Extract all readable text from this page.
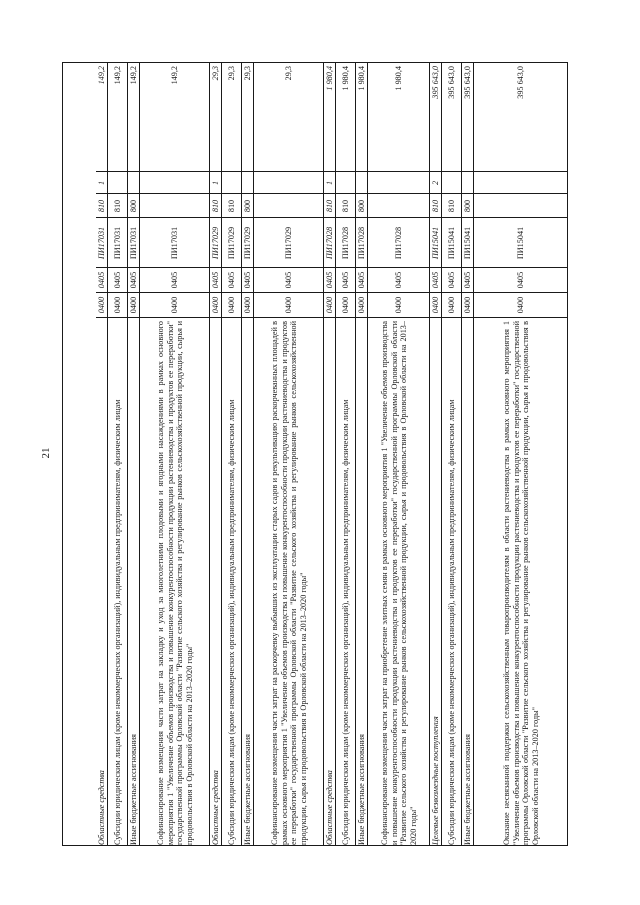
21
395 643,0
ПИ15041
0405
0400
Оказание несвязанной поддержки сельскохозяйственным товаропроизводителям в области растениеводства в рамках основного мероприятия 1 "Увеличение объемов производства и повышение конкурентоспособности продукции растениеводства и продуктов ее переработки" государственной программы Орловской области "Развитие сельского хозяйства и регулирование рынков сельскохозяйственной продукции, сырья и продовольствия в Орловской области на 2013–2020 годы"
395 643,0
800
ПИ15041
0405
0400
Иные бюджетные ассигнования
395 643,0
810
ПИ15041
0405
0400
Субсидии юридическим лицам (кроме некоммерческих организаций), индивидуальным предпринимателям, физическим лицам
395 643,0
2
810
ПИ15041
0405
0400
Целевые безвозмездные поступления
1 980,4
ПИ17028
0405
0400
Софинансирование возмещения части затрат на приобретение элитных семян в рамках основного мероприятия 1 "Увеличение объемов производства и повышение конкурентоспособности продукции растениеводства и продуктов ее переработки" государственной программы Орловской области "Развитие сельского хозяйства и регулирование рынков сельскохозяйственной продукции, сырья и продовольствия в Орловской области на 2013–2020 годы"
1 980,4
800
ПИ17028
0405
0400
Иные бюджетные ассигнования
1 980,4
810
ПИ17028
0405
0400
Субсидии юридическим лицам (кроме некоммерческих организаций), индивидуальным предпринимателям, физическим лицам
1 980,4
1
810
ПИ17028
0405
0400
Областные средства
29,3
ПИ17029
0405
0400
Софинансирование возмещения части затрат на раскорчевку выбывших из эксплуатации старых садов и рекультивацию раскорчеванных площадей в рамках основного мероприятия 1 "Увеличение объемов производства и повышение конкурентоспособности продукции растениеводства и продуктов ее переработки" государственной программы Орловской области "Развитие сельского хозяйства и регулирование рынков сельскохозяйственной продукции, сырья и продовольствия в Орловской области на 2013–2020 годы"
29,3
800
ПИ17029
0405
0400
Иные бюджетные ассигнования
29,3
810
ПИ17029
0405
0400
Субсидии юридическим лицам (кроме некоммерческих организаций), индивидуальным предпринимателям, физическим лицам
29,3
1
810
ПИ17029
0405
0400
Областные средства
149,2
ПИ17031
0405
0400
Софинансирование возмещения части затрат на закладку и уход за многолетними плодовыми и ягодными насаждениями в рамках основного мероприятия 1 "Увеличение объемов производства и повышение конкурентоспособности продукции растениеводства и продуктов ее переработки" государственной программы Орловской области "Развитие сельского хозяйства и регулирование рынков сельскохозяйственной продукции, сырья и продовольствия в Орловской области на 2013–2020 годы"
149,2
800
ПИ17031
0405
0400
Иные бюджетные ассигнования
149,2
810
ПИ17031
0405
0400
Субсидии юридическим лицам (кроме некоммерческих организаций), индивидуальным предпринимателям, физическим лицам
149,2
1
810
ПИ17031
0405
0400
Областные средства
